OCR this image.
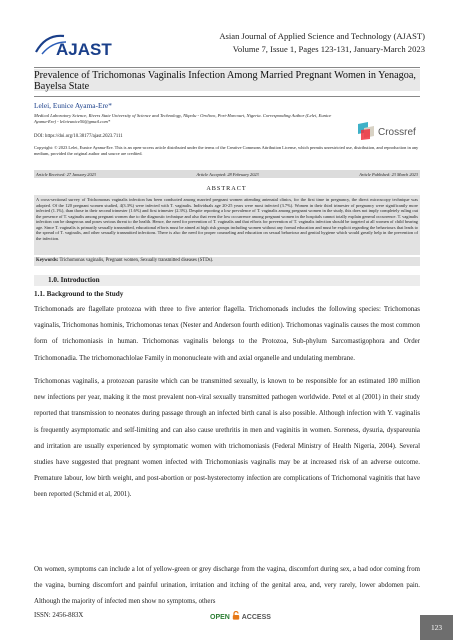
AJAST
Asian Journal of Applied Science and Technology (AJAST)
Volume 7, Issue 1, Pages 123-131, January-March 2023
Prevalence of Trichomonas Vaginalis Infection Among Married Pregnant Women in Yenagoa, Bayelsa State
Lelei, Eunice Ayama-Ere*
Medical Laboratory Science, Rivers State University of Science and Technology, Nkpolu - Oroliwo, Port-Harcourt, Nigeria. Corresponding Author (Lelei, Eunice Ayama-Ere) - leleieunice50@gmail.com*
DOI: https://doi.org/10.38177/ajast.2023.7111	Crossref
Copyright: © 2023 Lelei, Eunice Ayama-Ere. This is an open-access article distributed under the terms of the Creative Commons Attribution License, which permits unrestricted use, distribution, and reproduction in any medium, provided the original author and source are credited.
Article Received: 27 January 2023	Article Accepted: 28 February 2023	Article Published: 23 March 2023
ABSTRACT
A cross-sectional survey of Trichomonas vaginalis infection has been conducted among married pregnant women attending antenatal clinics, for the first time in pregnancy, the direct microscopy technique was adopted. Of the 120 pregnant women studied, 4(3.3%) were infected with T. vaginalis. Individuals age 20-25 years were most infected (3.7%). Women in their third trimester of pregnancy were significantly more infected (1.1%), than those in their second trimester (1.6%) and first trimester (2.3%). Despite reporting a low prevalence of T. vaginalis among pregnant women in the study, this does not imply completely ruling out the presence of T. vaginalis among pregnant women due to the diagnostic technique and also that even the low occurrence among pregnant women in the hospitals cannot totally explain general occurrence. T. vaginalis infection can be dangerous and poses serious threat to the health. Hence, the need for prevention of T. vaginalis and that efforts for prevention of T. vaginalis infection should be targeted at all women of child bearing age. Since T. vaginalis is primarily sexually transmitted, educational efforts must be aimed at high risk groups including women without any formal education and must be explicit regarding the behaviours that leads to the spread of T. vaginalis, and other sexually transmitted infections. There is also the need for proper counseling and education on sexual behaviour and genital hygiene which would greatly help in the prevention of the infection.
Keywords: Trichomonas vaginalis, Pregnant women, Sexually transmitted diseases (STDs).
1.0. Introduction
1.1. Background to the Study
Trichomonads are flagellate protozoa with three to five anterior flagella. Trichomonads includes the following species: Trichomonas vaginalis, Trichomonas hominis, Trichomonas tenax (Nester and Anderson fourth edition). Trichomonas vaginalis causes the most common form of trichomoniasis in human. Trichomonas vaginalis belongs to the Protozoa, Sub-phylum Sarcomastigophora and Order Trichomonadia. The trichomonachlolae Family in mononucleate with and axial organelle and undulating membrane.
Trichomonas vaginalis, a protozoan parasite which can be transmitted sexually, is known to be responsible for an estimated 180 million new infections per year, making it the most prevalent non-viral sexually transmitted pathogen worldwide. Petel et al (2001) in their study reported that transmission to neonates during passage through an infected birth canal is also possible. Although infection with Y. vaginalis is frequently asymptomatic and self-limiting and can also cause urethritis in men and vaginitis in women. Soreness, dysuria, dyspareunia and irritation are usually experienced by symptomatic women with trichomoniasis (Federal Ministry of Health Nigeria, 2004). Several studies have suggested that pregnant women infected with Trichomoniasis vaginalis may be at increased risk of an adverse outcome. Premature labour, low birth weight, and post-abortion or post-hysterectomy infection are complications of Trichomonal vaginitis that have been reported (Schmid et al, 2001).
On women, symptoms can include a lot of yellow-green or grey discharge from the vagina, discomfort during sex, a bad odor coming from the vagina, burning discomfort and painful urination, irritation and itching of the genital area, and, very rarely, lower abdomen pain. Although the majority of infected men show no symptoms, others
ISSN: 2456-883X	OPEN ACCESS
123
